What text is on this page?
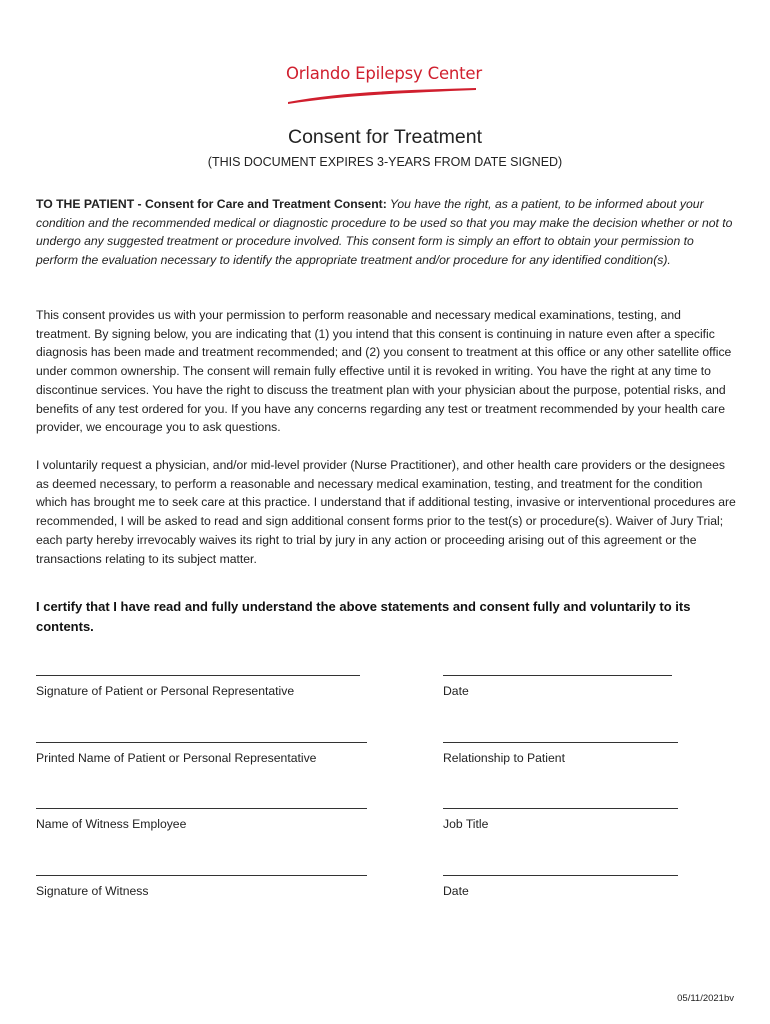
Orlando Epilepsy Center
Consent for Treatment
(THIS DOCUMENT EXPIRES 3-YEARS FROM DATE SIGNED)
TO THE PATIENT - Consent for Care and Treatment Consent: You have the right, as a patient, to be informed about your condition and the recommended medical or diagnostic procedure to be used so that you may make the decision whether or not to undergo any suggested treatment or procedure involved. This consent form is simply an effort to obtain your permission to perform the evaluation necessary to identify the appropriate treatment and/or procedure for any identified condition(s).
This consent provides us with your permission to perform reasonable and necessary medical examinations, testing, and treatment. By signing below, you are indicating that (1) you intend that this consent is continuing in nature even after a specific diagnosis has been made and treatment recommended; and (2) you consent to treatment at this office or any other satellite office under common ownership. The consent will remain fully effective until it is revoked in writing. You have the right at any time to discontinue services. You have the right to discuss the treatment plan with your physician about the purpose, potential risks, and benefits of any test ordered for you. If you have any concerns regarding any test or treatment recommended by your health care provider, we encourage you to ask questions.
I voluntarily request a physician, and/or mid-level provider (Nurse Practitioner), and other health care providers or the designees as deemed necessary, to perform a reasonable and necessary medical examination, testing, and treatment for the condition which has brought me to seek care at this practice. I understand that if additional testing, invasive or interventional procedures are recommended, I will be asked to read and sign additional consent forms prior to the test(s) or procedure(s). Waiver of Jury Trial; each party hereby irrevocably waives its right to trial by jury in any action or proceeding arising out of this agreement or the transactions relating to its subject matter.
I certify that I have read and fully understand the above statements and consent fully and voluntarily to its contents.
Signature of Patient or Personal Representative	Date
Printed Name of Patient or Personal Representative	Relationship to Patient
Name of Witness Employee	Job Title
Signature of Witness	Date
05/11/2021bv
